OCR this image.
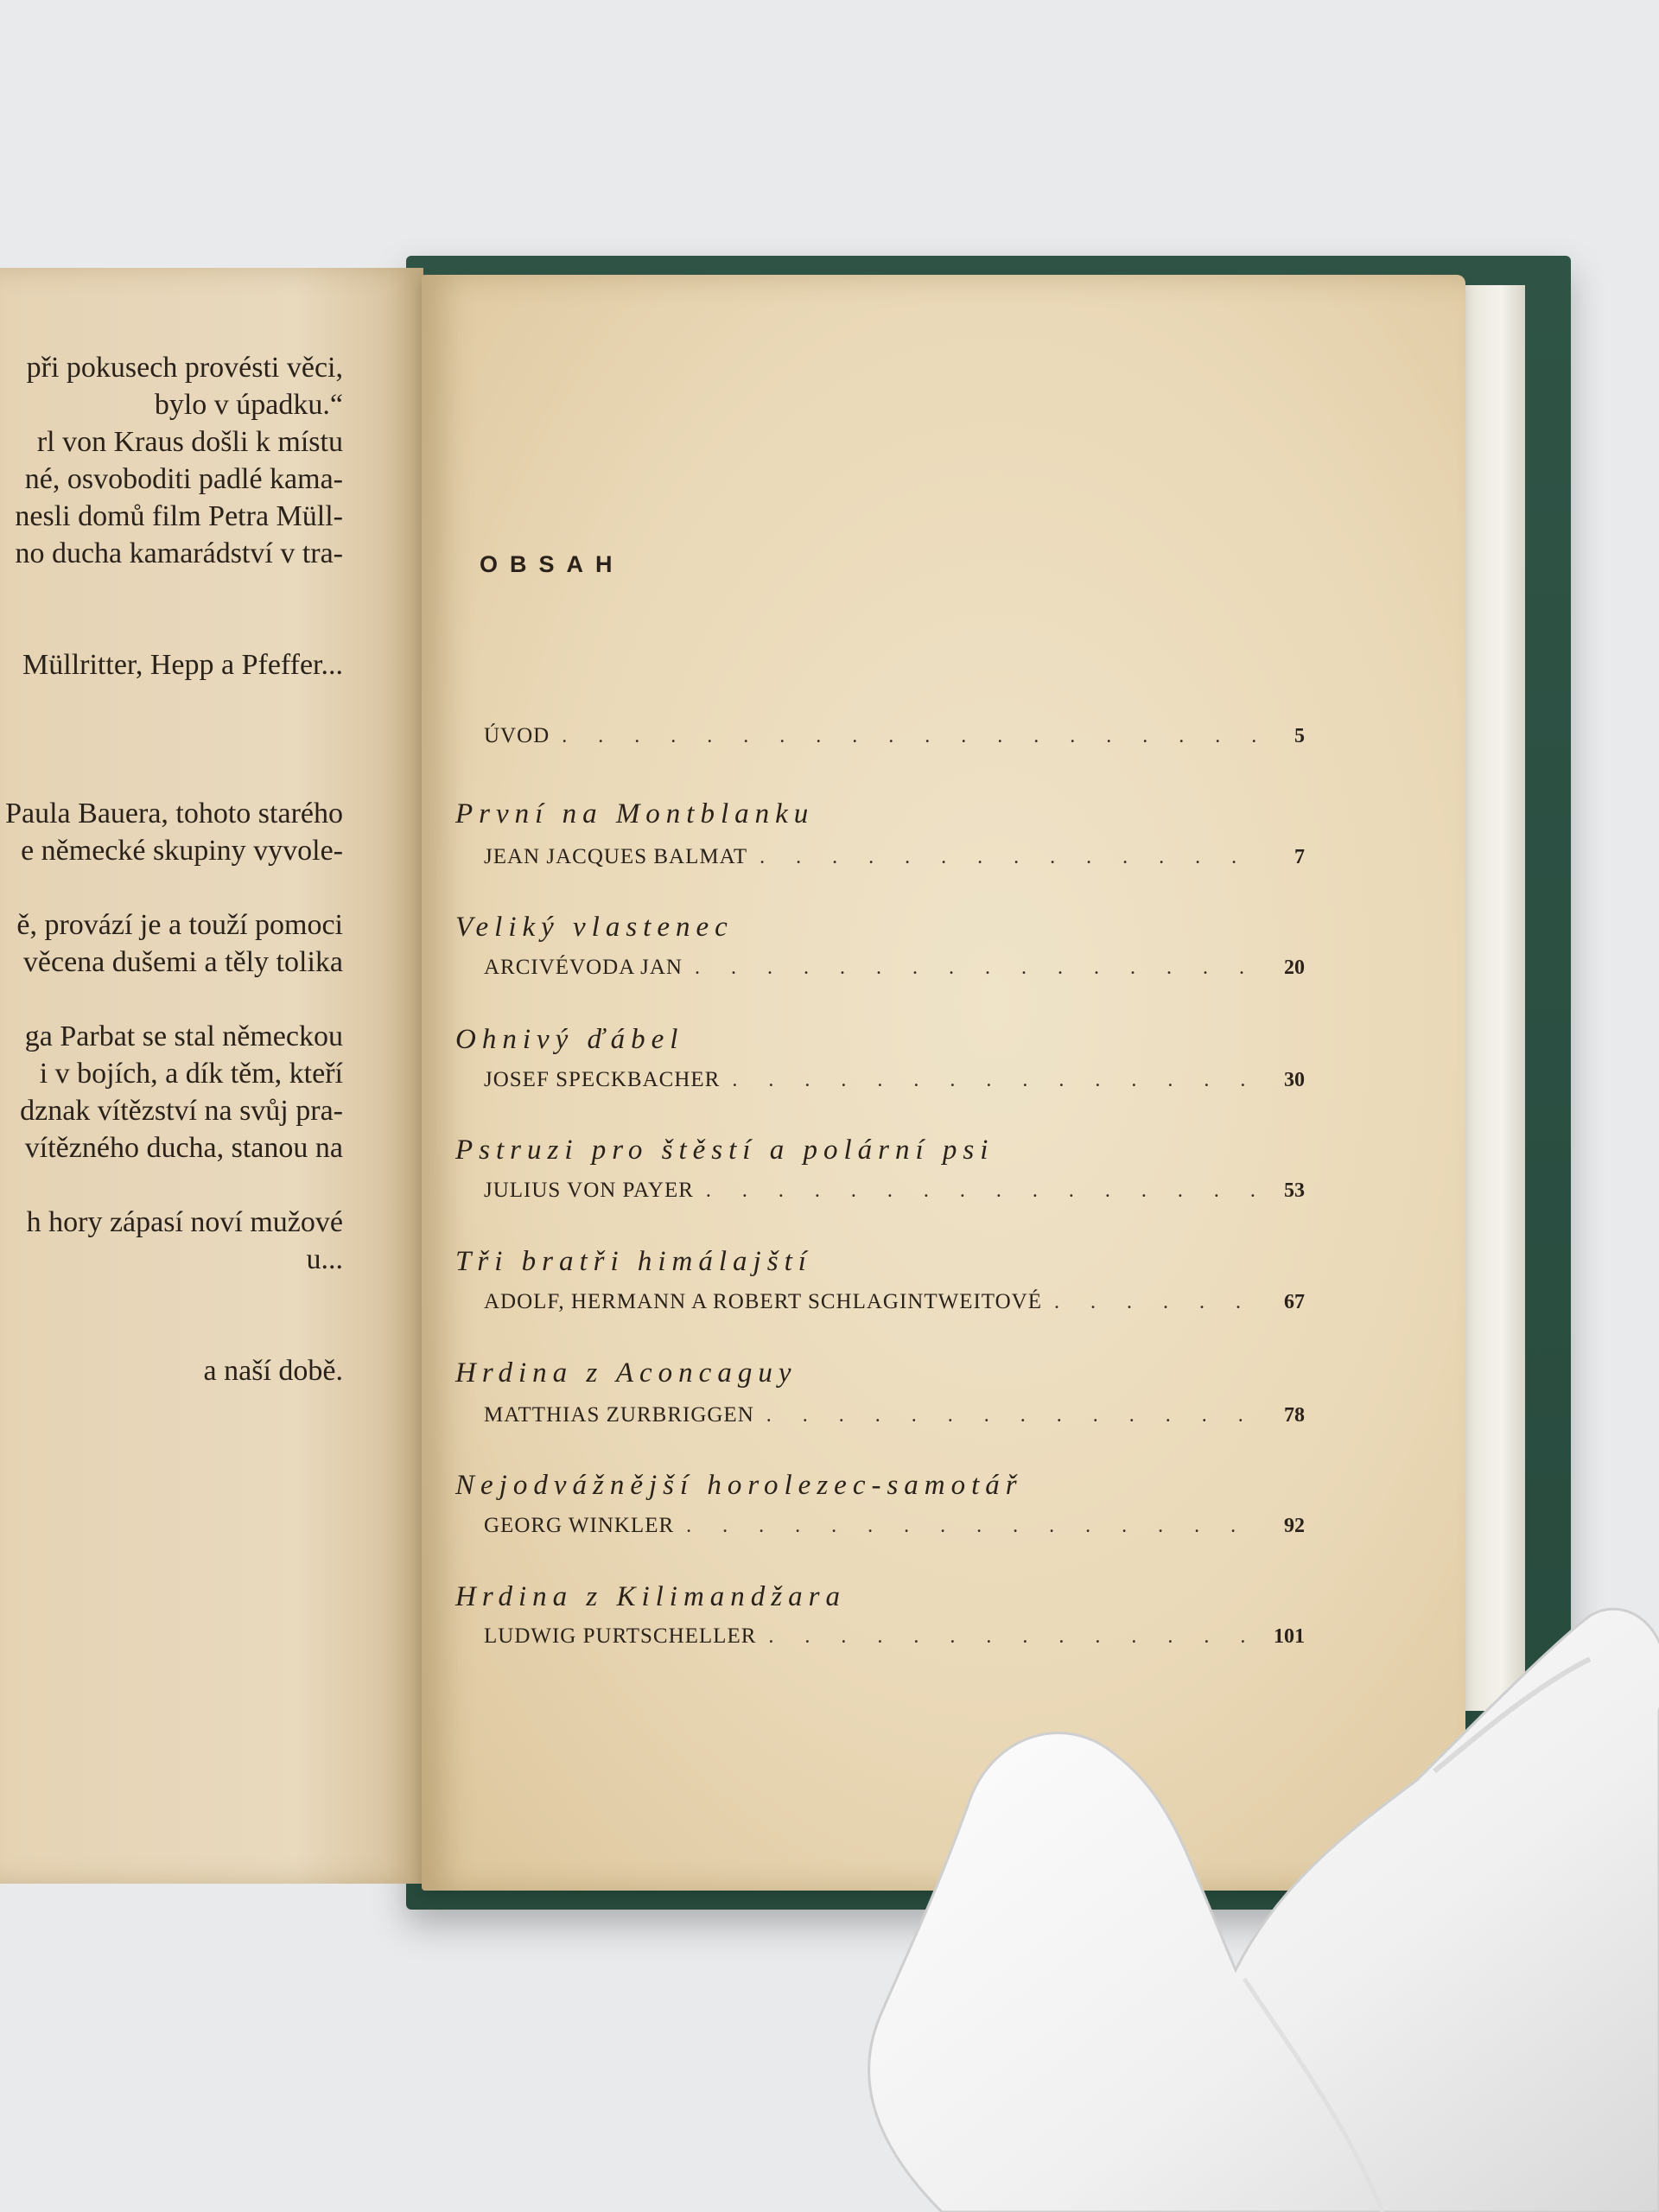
při pokusech provésti věci,
bylo v úpadku.“
rl von Kraus došli k místu
né, osvoboditi padlé kama-
nesli domů film Petra Müll-
no ducha kamarádství v tra-
Müllritter, Hepp a Pfeffer...
Paula Bauera, tohoto starého
e německé skupiny vyvole-
ě, provází je a touží pomoci
věcena dušemi a těly tolika
ga Parbat se stal německou
i v bojích, a dík těm, kteří
dznak vítězství na svůj pra-
vítězného ducha, stanou na
h hory zápasí noví mužové
u...
a naší době.
OBSAH
ÚVOD . . .	5
První na Montblanku
JEAN JACQUES BALMAT . . .	7
Veliký vlastenec
ARCIVÉVODA JAN . . .	20
Ohnivý ďábel
JOSEF SPECKBACHER . . .	30
Pstruzi pro štěstí a polární psi
JULIUS VON PAYER . . .	53
Tři bratři himálajští
ADOLF, HERMANN A ROBERT SCHLAGINTWEITOVÉ . . .	67
Hrdina z Aconcaguy
MATTHIAS ZURBRIGGEN . . .	78
Nejodvážnější horolezec-samotář
GEORG WINKLER . . .	92
Hrdina z Kilimandžara
LUDWIG PURTSCHELLER . . .	101
